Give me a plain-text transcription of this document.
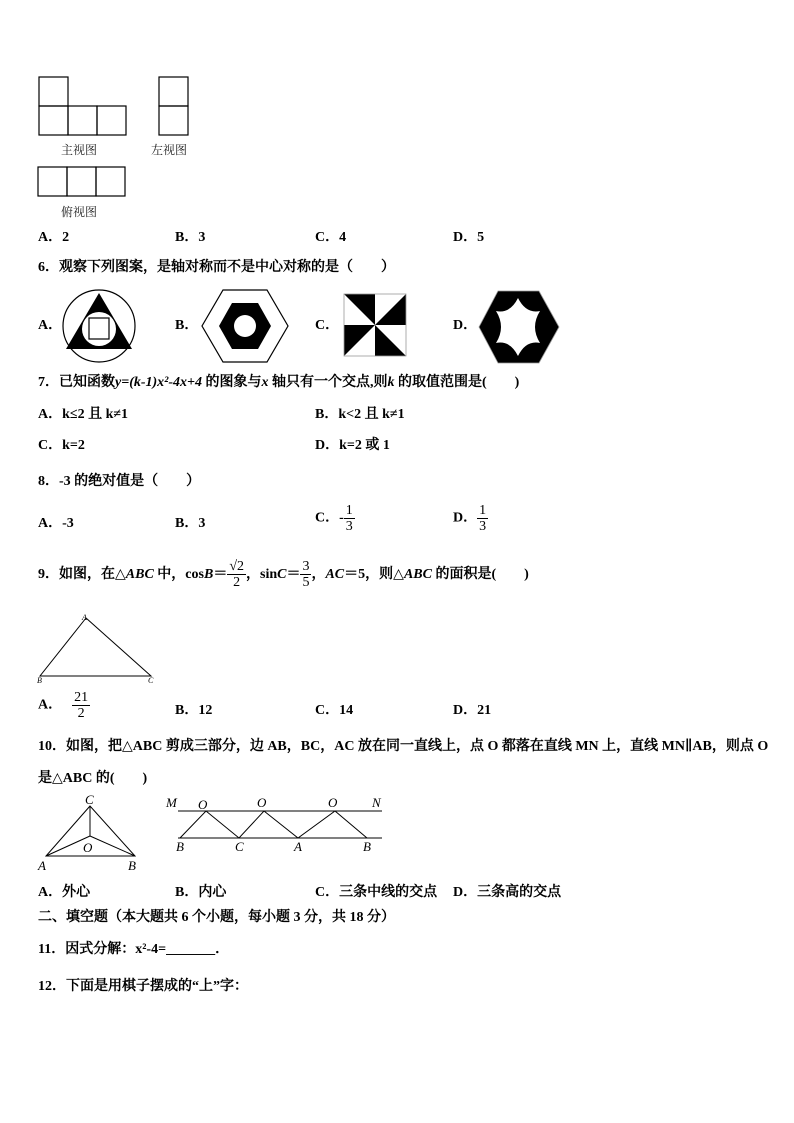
主视图	左视图
俯视图
A．2	B．3	C．4	D．5
6．观察下列图案，是轴对称而不是中心对称的是（　　）
A．	B．	C．	D．
7．已知函数y=(k-1)x²-4x+4 的图象与x 轴只有一个交点,则k 的取值范围是(　　)
A．k≤2 且 k≠1	B．k<2 且 k≠1
C．k=2	D．k=2 或 1
8．-3 的绝对值是（　　）
A．-3	B．3	C．- $\frac{1}{3}$	D． $\frac{1}{3}$
9．如图，在△ABC 中，$\cos B= \frac{√2}{2}$ ，$\sin C= \frac{3}{5}$ ，AC＝5，则△ABC 的面积是(　　)
A
B	C
A． $\frac{21}{2}$	B．12	C．14	D．21
10．如图，把△ABC 剪成三部分，边 AB，BC，AC 放在同一直线上，点 O 都落在直线 MN 上，直线 MN∥AB，则点 O
是△ABC 的(　　)
C
O
A	B
M O	O	O	N
B	C	A	B
A．外心	B．内心	C．三条中线的交点 D．三条高的交点
二、填空题（本大题共 6 个小题，每小题 3 分，共 18 分）
11．因式分解：x²-4=_______．
12．下面是用棋子摆成的“上”字：
